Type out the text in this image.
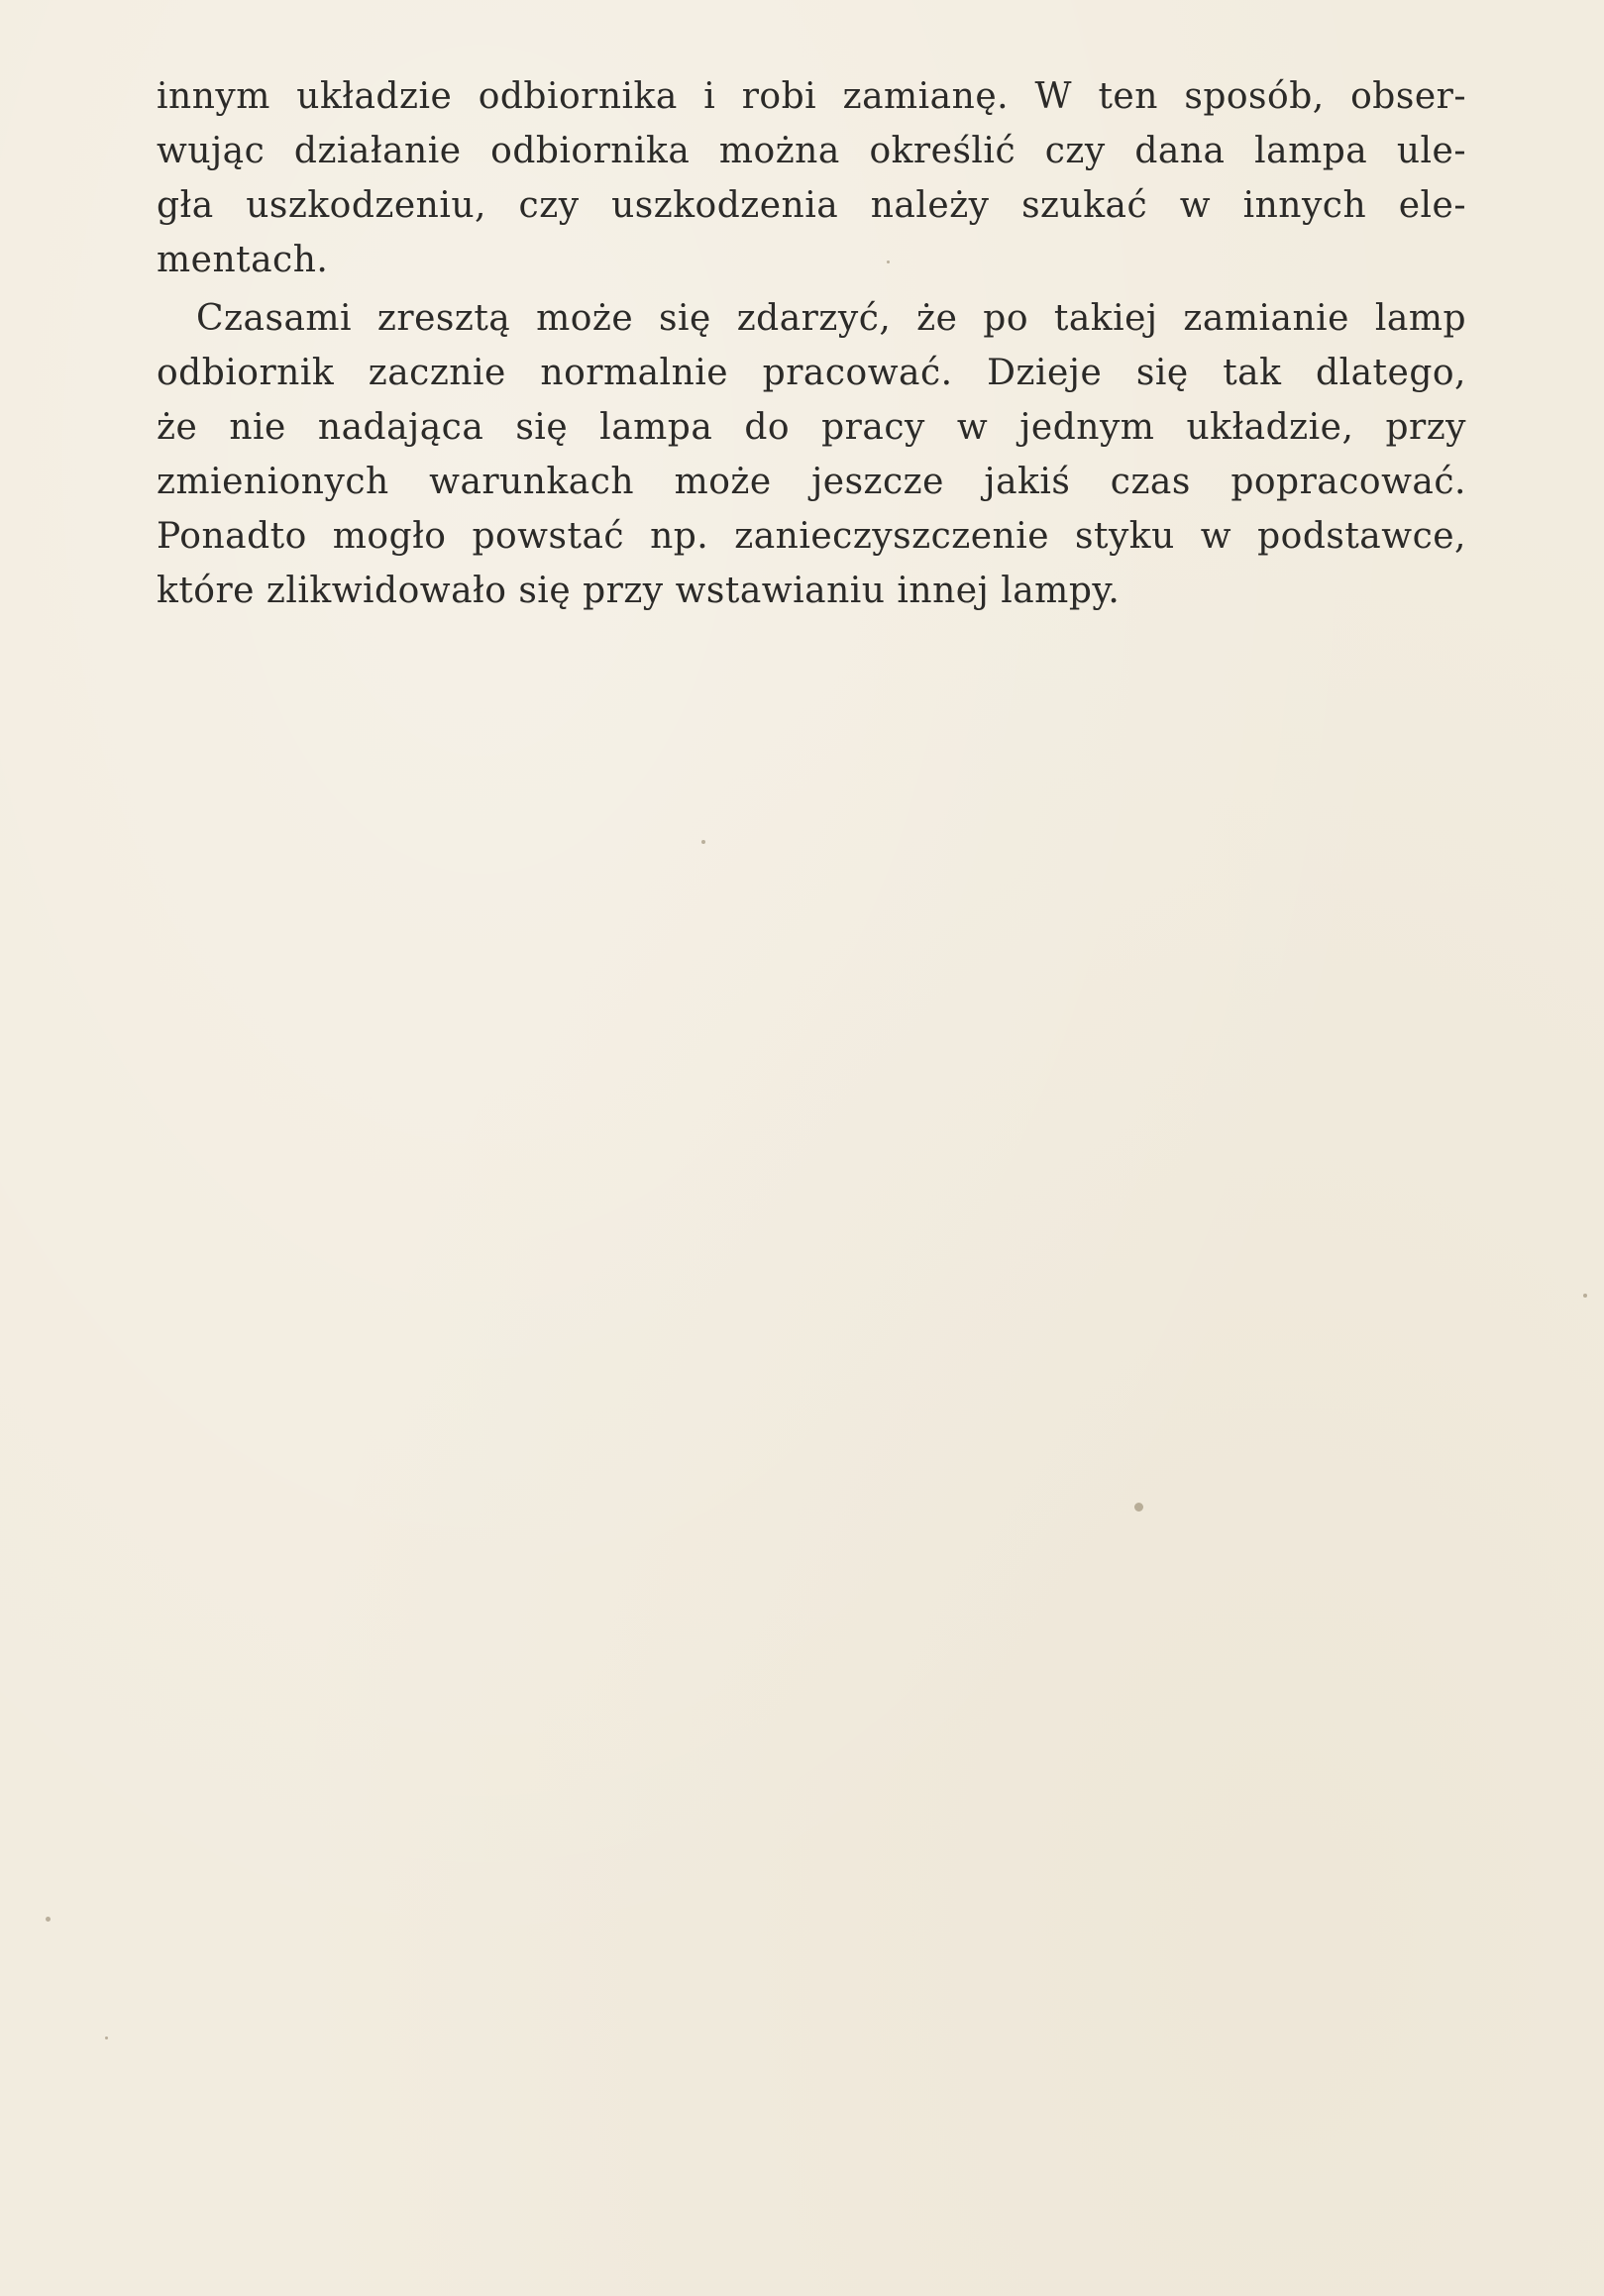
innym układzie odbiornika i robi zamianę. W ten sposób, obser-
wując działanie odbiornika można określić czy dana lampa ule-
gła uszkodzeniu, czy uszkodzenia należy szukać w innych ele-
mentach.
Czasami zresztą może się zdarzyć, że po takiej zamianie lamp
odbiornik zacznie normalnie pracować. Dzieje się tak dlatego,
że nie nadająca się lampa do pracy w jednym układzie, przy
zmienionych warunkach może jeszcze jakiś czas popracować.
Ponadto mogło powstać np. zanieczyszczenie styku w podstawce,
które zlikwidowało się przy wstawianiu innej lampy.
